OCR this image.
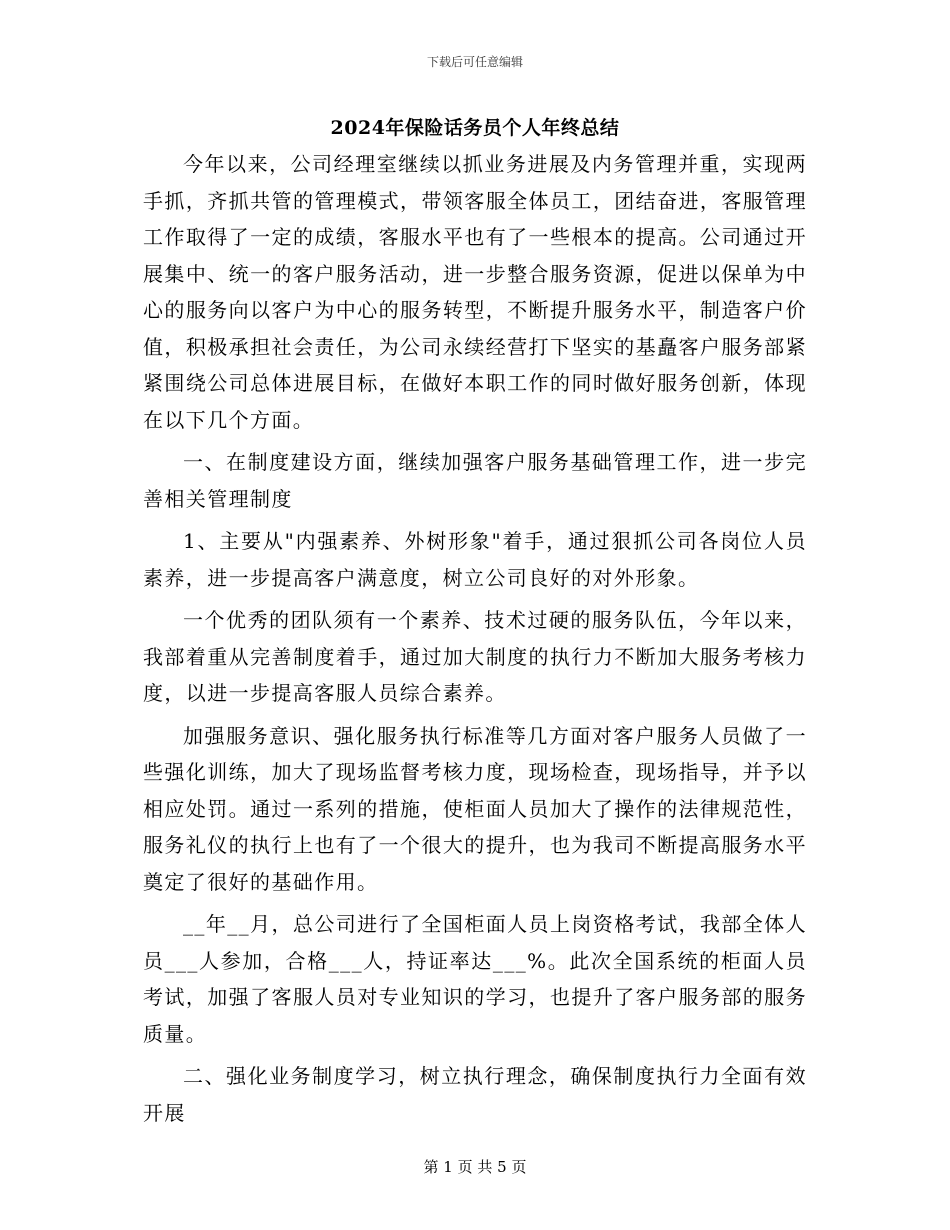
下载后可任意编辑
2024年保险话务员个人年终总结

今年以来，公司经理室继续以抓业务进展及内务管理并重，实现两手抓，齐抓共管的管理模式，带领客服全体员工，团结奋进，客服管理工作取得了一定的成绩，客服水平也有了一些根本的提高。公司通过开展集中、统一的客户服务活动，进一步整合服务资源，促进以保单为中心的服务向以客户为中心的服务转型，不断提升服务水平，制造客户价值，积极承担社会责任，为公司永续经营打下坚实的基矗客户服务部紧紧围绕公司总体进展目标，在做好本职工作的同时做好服务创新，体现在以下几个方面。

一、在制度建设方面，继续加强客户服务基础管理工作，进一步完善相关管理制度

1、主要从"内强素养、外树形象"着手，通过狠抓公司各岗位人员素养，进一步提高客户满意度，树立公司良好的对外形象。

一个优秀的团队须有一个素养、技术过硬的服务队伍，今年以来，我部着重从完善制度着手，通过加大制度的执行力不断加大服务考核力度，以进一步提高客服人员综合素养。

加强服务意识、强化服务执行标准等几方面对客户服务人员做了一些强化训练，加大了现场监督考核力度，现场检查，现场指导，并予以相应处罚。通过一系列的措施，使柜面人员加大了操作的法律规范性，服务礼仪的执行上也有了一个很大的提升，也为我司不断提高服务水平奠定了很好的基础作用。

__年__月，总公司进行了全国柜面人员上岗资格考试，我部全体人员___人参加，合格___人，持证率达___%。此次全国系统的柜面人员考试，加强了客服人员对专业知识的学习，也提升了客户服务部的服务质量。

二、强化业务制度学习，树立执行理念，确保制度执行力全面有效开展

第 1 页 共 5 页
